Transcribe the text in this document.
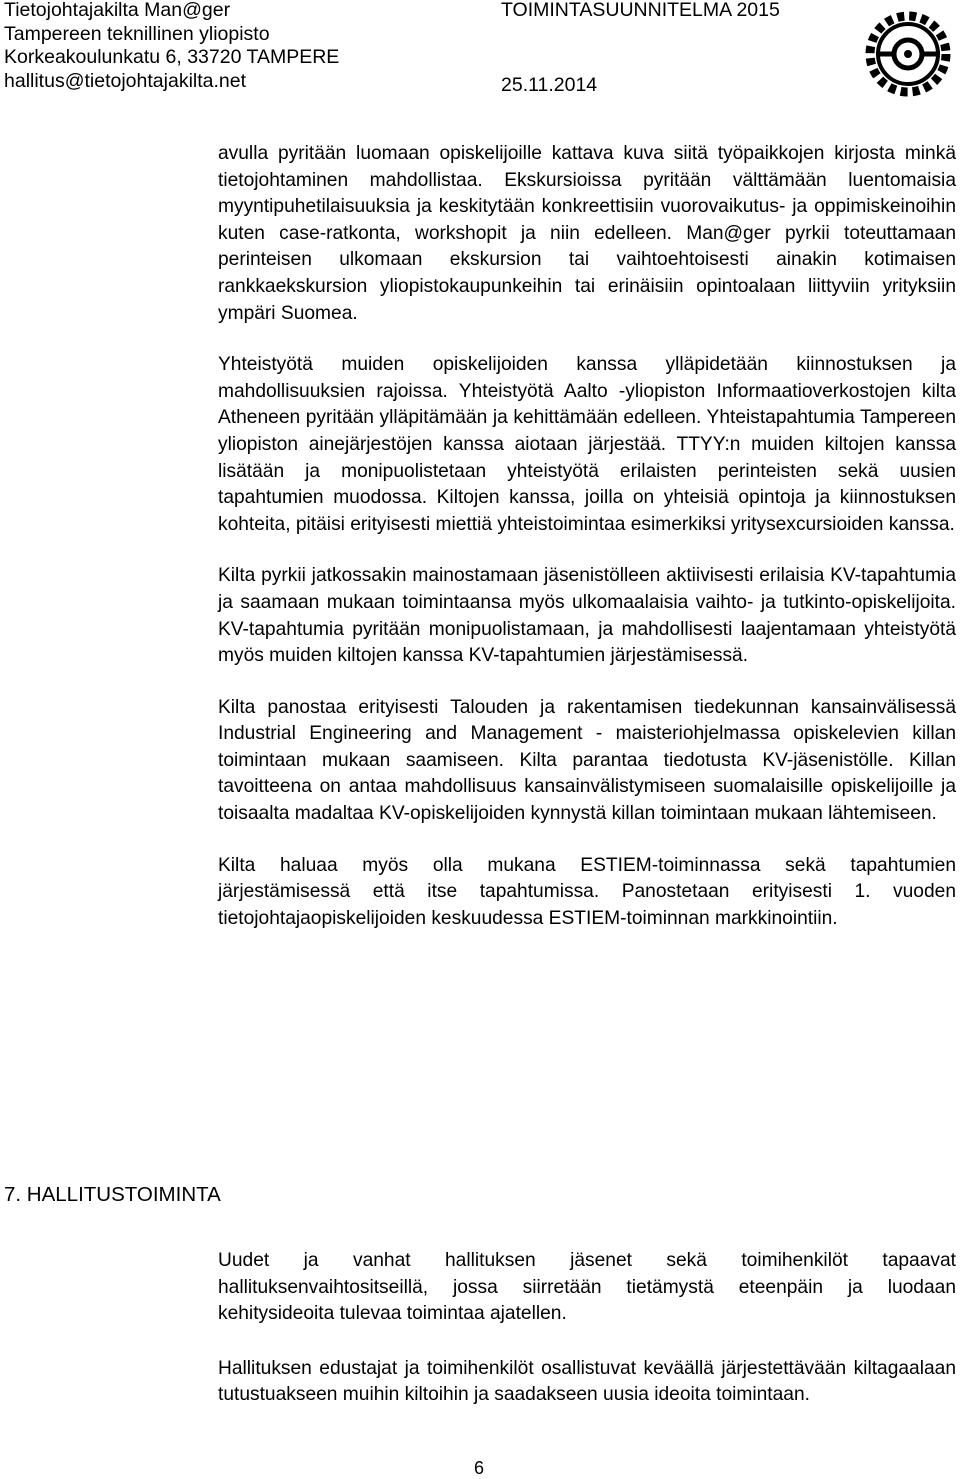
Tietojohtajakilta Man@ger
Tampereen teknillinen yliopisto
Korkeakoulunkatu 6, 33720 TAMPERE
hallitus@tietojohtajakilta.net
TOIMINTASUUNNITELMA 2015
25.11.2014

avulla pyritään luomaan opiskelijoille kattava kuva siitä työpaikkojen kirjosta minkä tietojohtaminen mahdollistaa. Ekskursioissa pyritään välttämään luentomaisia myyntipuhetilaisuuksia ja keskitytään konkreettisiin vuorovaikutus- ja oppimiskeinoihin kuten case-ratkonta, workshopit ja niin edelleen. Man@ger pyrkii toteuttamaan perinteisen ulkomaan ekskursion tai vaihtoehtoisesti ainakin kotimaisen rankkaekskursion yliopistokaupunkeihin tai erinäisiin opintoalaan liittyviin yrityksiin ympäri Suomea.

Yhteistyötä muiden opiskelijoiden kanssa ylläpidetään kiinnostuksen ja mahdollisuuksien rajoissa. Yhteistyötä Aalto -yliopiston Informaatioverkostojen kilta Atheneen pyritään ylläpitämään ja kehittämään edelleen. Yhteistapahtumia Tampereen yliopiston ainejärjestöjen kanssa aiotaan järjestää. TTYY:n muiden kiltojen kanssa lisätään ja monipuolistetaan yhteistyötä erilaisten perinteisten sekä uusien tapahtumien muodossa. Kiltojen kanssa, joilla on yhteisiä opintoja ja kiinnostuksen kohteita, pitäisi erityisesti miettiä yhteistoimintaa esimerkiksi yritysexcursioiden kanssa.

Kilta pyrkii jatkossakin mainostamaan jäsenistölleen aktiivisesti erilaisia KV-tapahtumia ja saamaan mukaan toimintaansa myös ulkomaalaisia vaihto- ja tutkinto-opiskelijoita. KV-tapahtumia pyritään monipuolistamaan, ja mahdollisesti laajentamaan yhteistyötä myös muiden kiltojen kanssa KV-tapahtumien järjestämisessä.

Kilta panostaa erityisesti Talouden ja rakentamisen tiedekunnan kansainvälisessä Industrial Engineering and Management - maisteriohjelmassa opiskelevien killan toimintaan mukaan saamiseen. Kilta parantaa tiedotusta KV-jäsenistölle. Killan tavoitteena on antaa mahdollisuus kansainvälistymiseen suomalaisille opiskelijoille ja toisaalta madaltaa KV-opiskelijoiden kynnystä killan toimintaan mukaan lähtemiseen.

Kilta haluaa myös olla mukana ESTIEM-toiminnassa sekä tapahtumien järjestämisessä että itse tapahtumissa. Panostetaan erityisesti 1. vuoden tietojohtajaopiskelijoiden keskuudessa ESTIEM-toiminnan markkinointiin.

7. HALLITUSTOIMINTA

Uudet ja vanhat hallituksen jäsenet sekä toimihenkilöt tapaavat hallituksenvaihtositseillä, jossa siirretään tietämystä eteenpäin ja luodaan kehitysideoita tulevaa toimintaa ajatellen.

Hallituksen edustajat ja toimihenkilöt osallistuvat keväällä järjestettävään kiltagaalaan tutustuakseen muihin kiltoihin ja saadakseen uusia ideoita toimintaan.

6
